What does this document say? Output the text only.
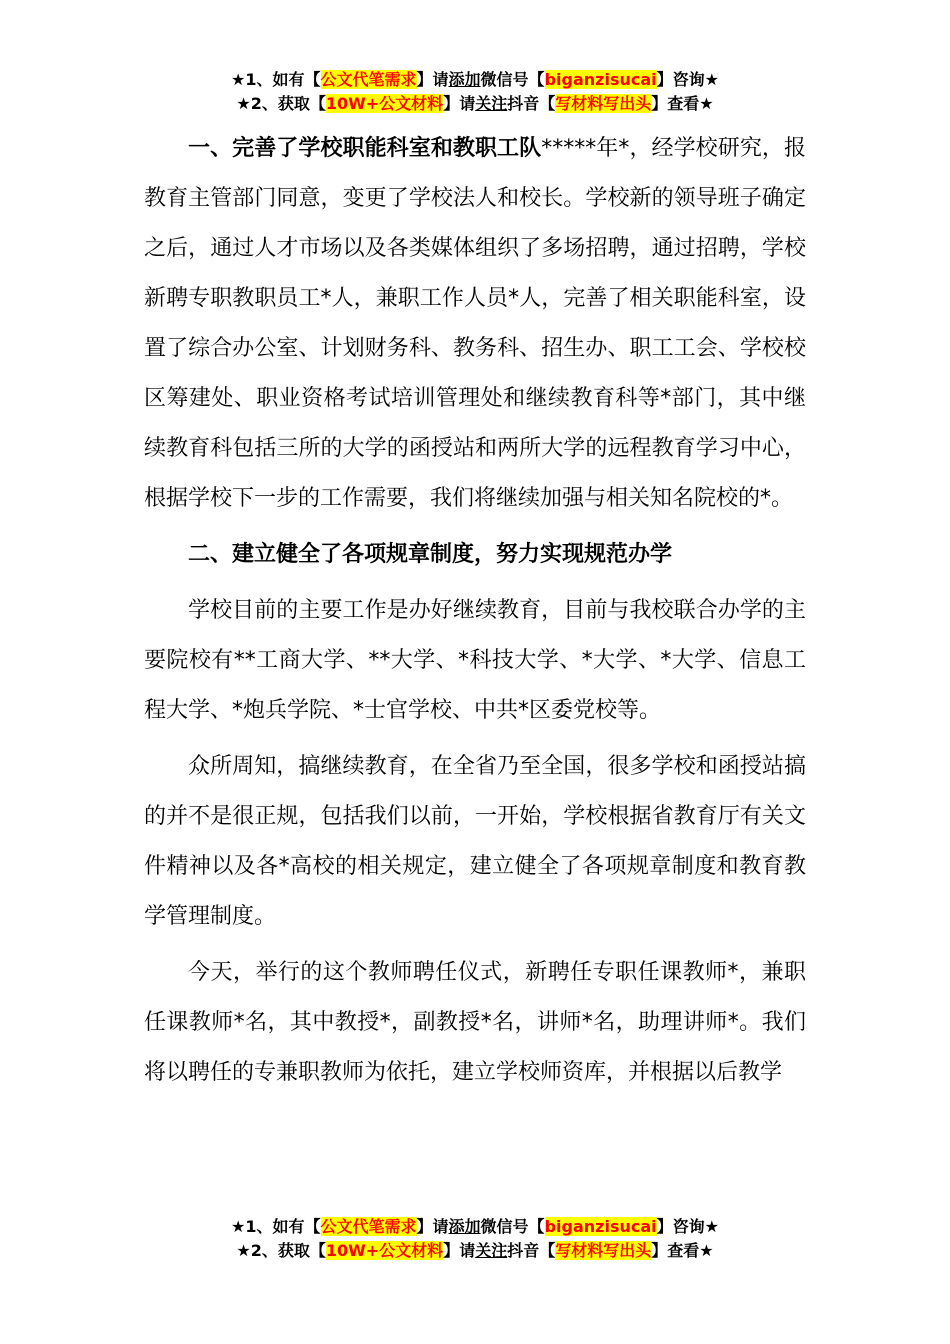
★1、如有【公文代笔需求】请添加微信号【biganzisucai】咨询★
★2、获取【10W+公文材料】请关注抖音【写材料写出头】查看★

一、完善了学校职能科室和教职工队*****年*，经学校研究，报教育主管部门同意，变更了学校法人和校长。学校新的领导班子确定之后，通过人才市场以及各类媒体组织了多场招聘，通过招聘，学校新聘专职教职员工*人，兼职工作人员*人，完善了相关职能科室，设置了综合办公室、计划财务科、教务科、招生办、职工工会、学校校区筹建处、职业资格考试培训管理处和继续教育科等*部门，其中继续教育科包括三所的大学的函授站和两所大学的远程教育学习中心，根据学校下一步的工作需要，我们将继续加强与相关知名院校的*。

二、建立健全了各项规章制度，努力实现规范办学

学校目前的主要工作是办好继续教育，目前与我校联合办学的主要院校有**工商大学、**大学、*科技大学、*大学、*大学、信息工程大学、*炮兵学院、*士官学校、中共*区委党校等。

众所周知，搞继续教育，在全省乃至全国，很多学校和函授站搞的并不是很正规，包括我们以前，一开始，学校根据省教育厅有关文件精神以及各*高校的相关规定，建立健全了各项规章制度和教育教学管理制度。

今天，举行的这个教师聘任仪式，新聘任专职任课教师*，兼职任课教师*名，其中教授*，副教授*名，讲师*名，助理讲师*。我们将以聘任的专兼职教师为依托，建立学校师资库，并根据以后教学

★1、如有【公文代笔需求】请添加微信号【biganzisucai】咨询★
★2、获取【10W+公文材料】请关注抖音【写材料写出头】查看★
